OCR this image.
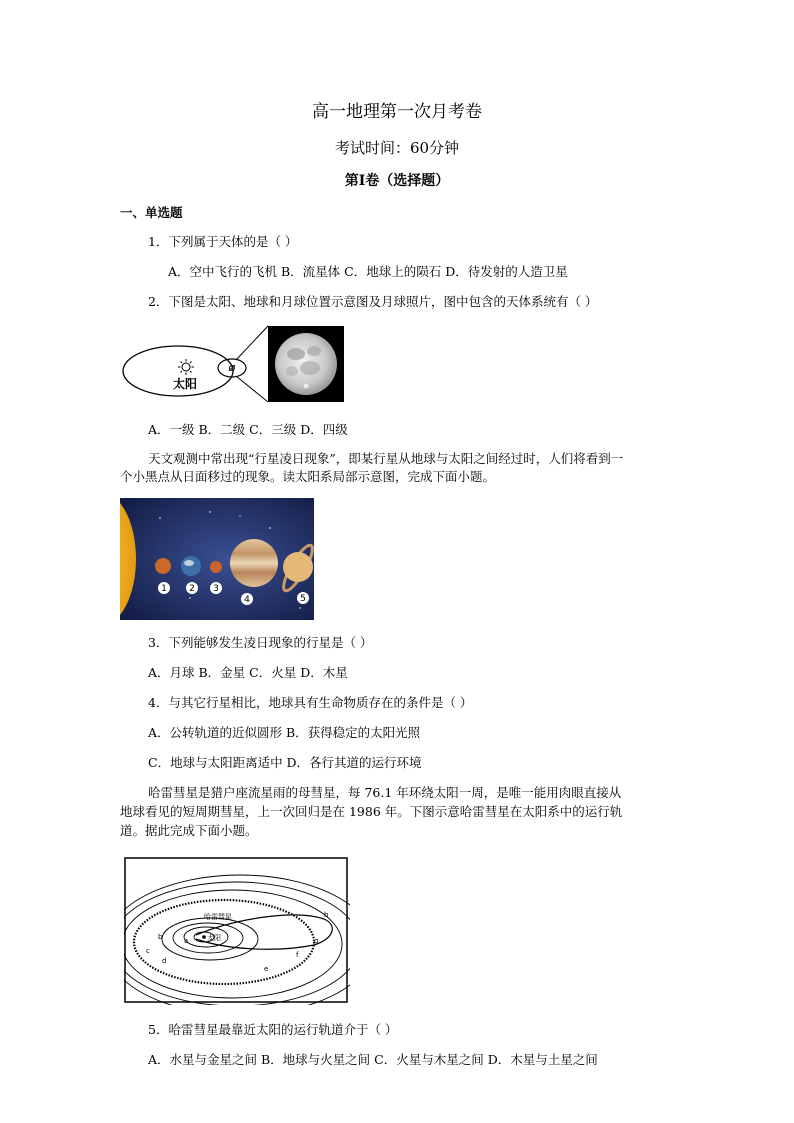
高一地理第一次月考卷
考试时间：60分钟
第Ⅰ卷（选择题）
一、单选题
1．下列属于天体的是（ ）
A．空中飞行的飞机 B．流星体 C．地球上的陨石 D．待发射的人造卫星
2．下图是太阳、地球和月球位置示意图及月球照片，图中包含的天体系统有（ ）
太阳
A．一级 B．二级 C．三级 D．四级
天文观测中常出现“行星凌日现象”，即某行星从地球与太阳之间经过时，人们将看到一
个小黑点从日面移过的现象。读太阳系局部示意图，完成下面小题。
1 2 3
4	5
3．下列能够发生凌日现象的行星是（ ）
A．月球 B．金星 C．火星 D．木星
4．与其它行星相比，地球具有生命物质存在的条件是（ ）
A．公转轨道的近似圆形 B．获得稳定的太阳光照
C．地球与太阳距离适中 D．各行其道的运行环境
哈雷彗星是猎户座流星雨的母彗星，每 76.1 年环绕太阳一周，是唯一能用肉眼直接从
地球看见的短周期彗星，上一次回归是在 1986 年。下图示意哈雷彗星在太阳系中的运行轨
道。据此完成下面小题。
太阳
哈雷彗星
a
b
c
d
e
f
g
h
5．哈雷彗星最靠近太阳的运行轨道介于（ ）
A．水星与金星之间 B．地球与火星之间 C．火星与木星之间 D．木星与土星之间
